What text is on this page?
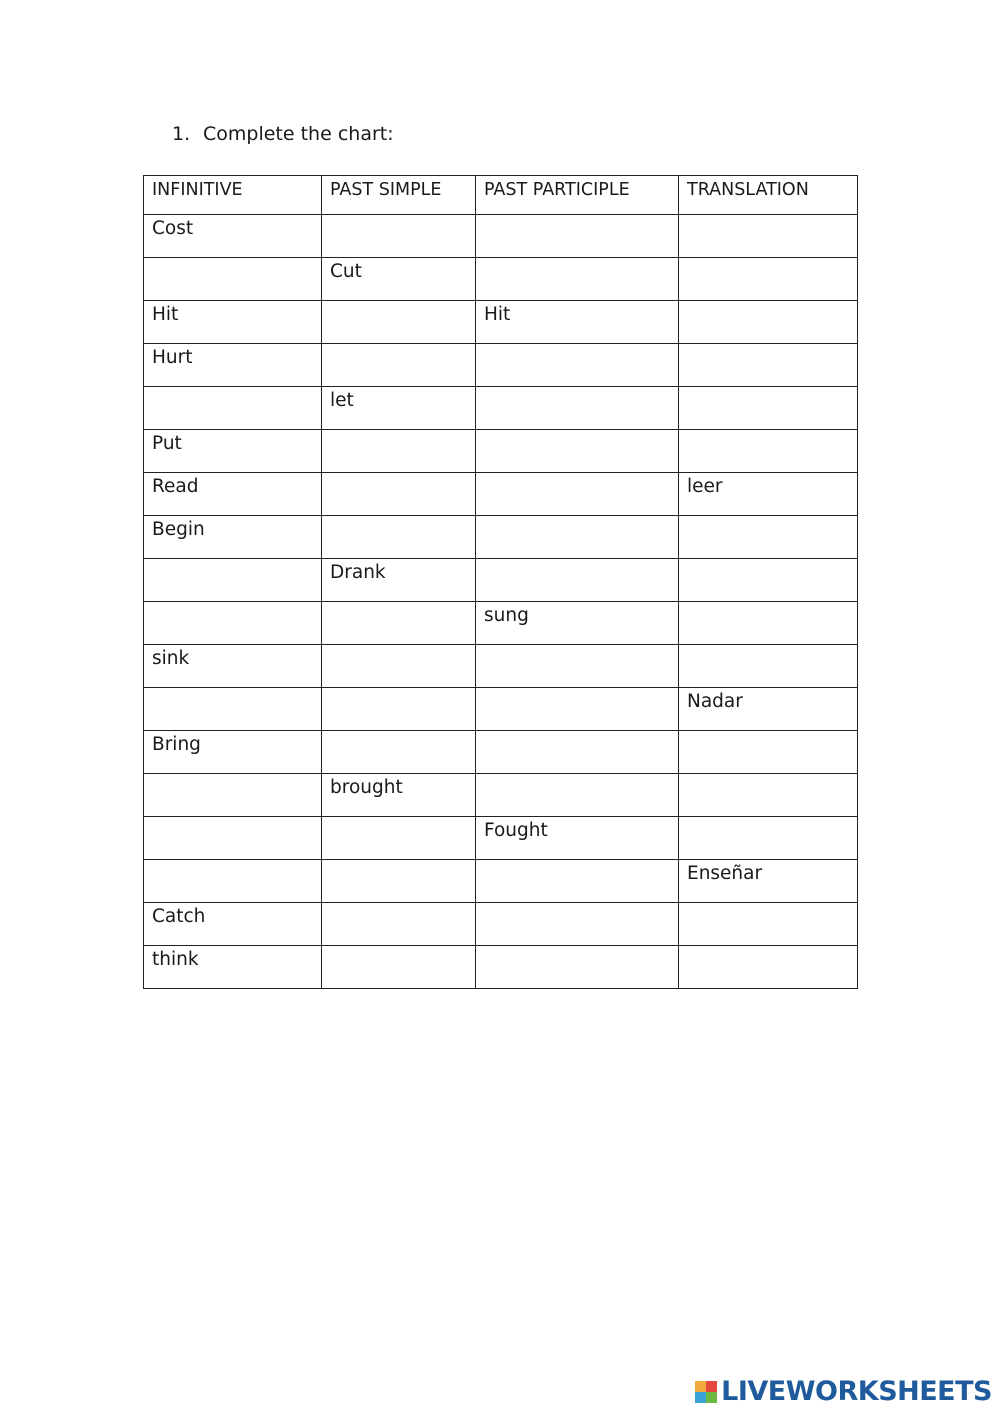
1. Complete the chart:
INFINITIVE	PAST SIMPLE	PAST PARTICIPLE	TRANSLATION
Cost			
	Cut		
Hit		Hit	
Hurt			
	let		
Put			
Read			leer
Begin			
	Drank		
		sung	
sink			
			Nadar
Bring			
	brought		
		Fought	
			Enseñar
Catch			
think			
LIVEWORKSHEETS
